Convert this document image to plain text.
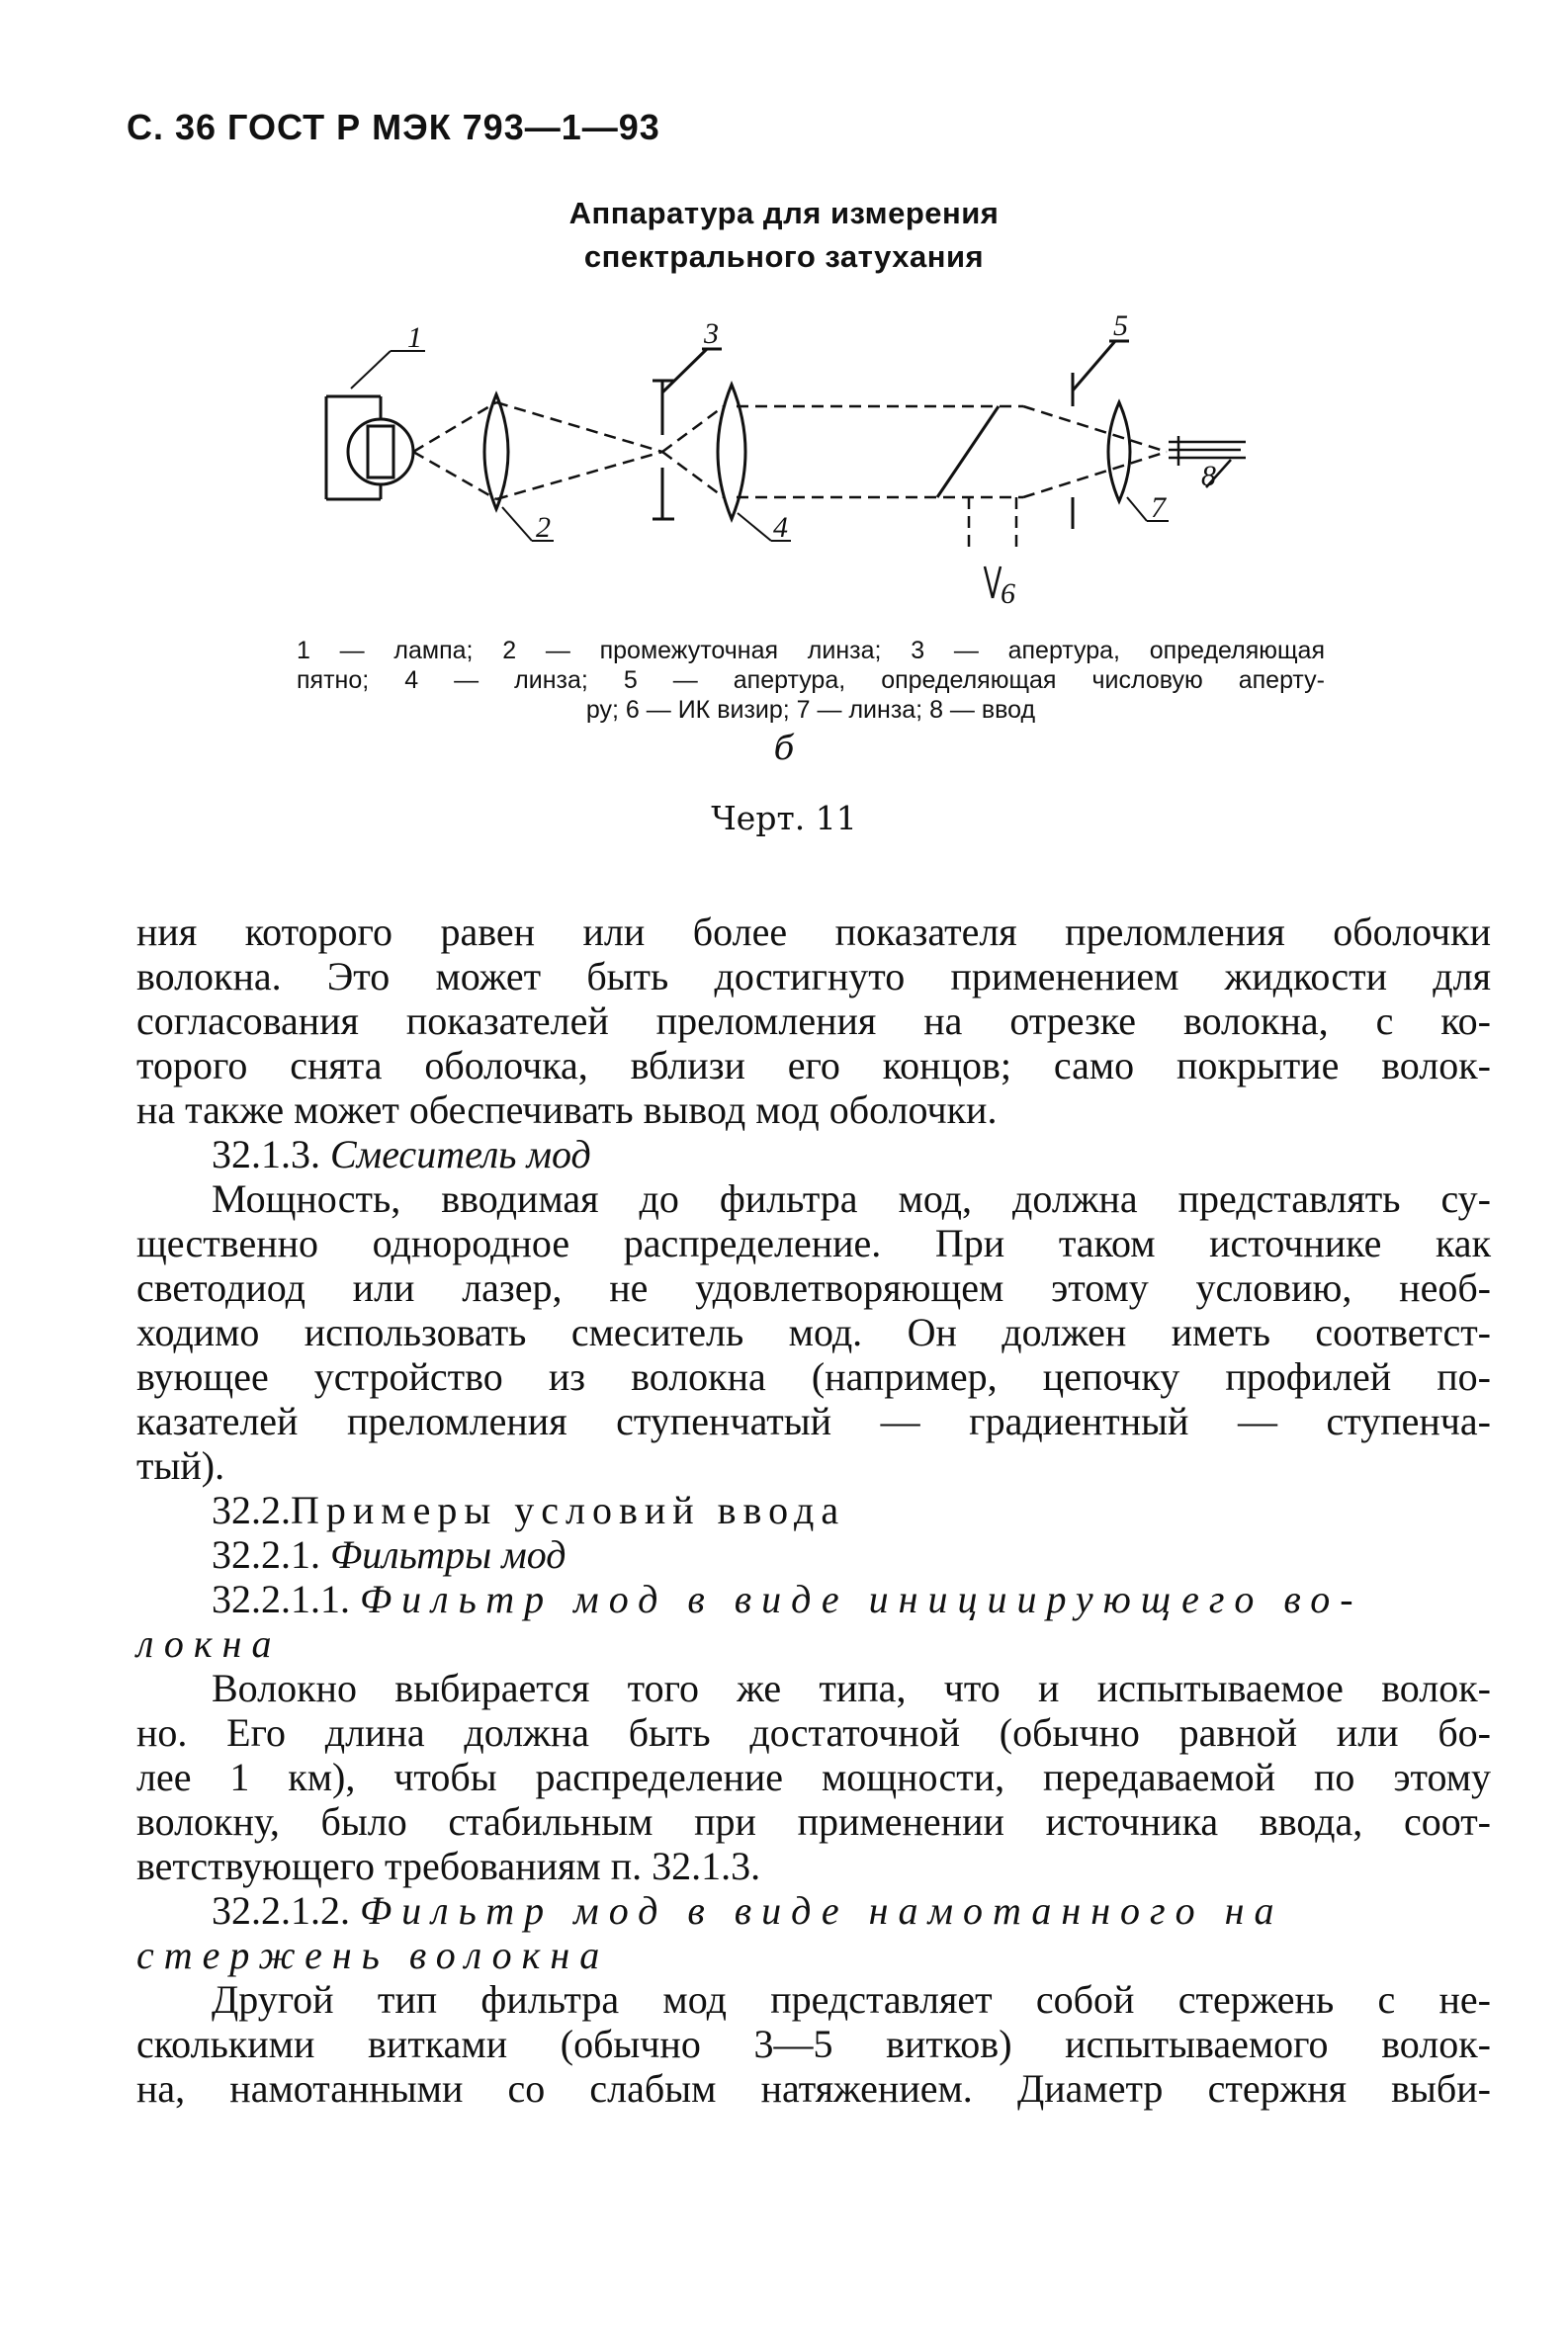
С. 36 ГОСТ Р МЭК 793—1—93
Аппаратура для измерения
спектрального затухания
1
2
3
4
5
6
7
8
1 — лампа; 2 — промежуточная линза; 3 — апертура, определяющая
пятно; 4 — линза; 5 — апертура, определяющая числовую аперту-
ру; 6 — ИК визир; 7 — линза; 8 — ввод
б
Черт. 11
ния которого равен или более показателя преломления оболочки
волокна. Это может быть достигнуто применением жидкости для
согласования показателей преломления на отрезке волокна, с ко-
торого снята оболочка, вблизи его концов; само покрытие волок-
на также может обеспечивать вывод мод оболочки.
32.1.3. Смеситель мод
Мощность, вводимая до фильтра мод, должна представлять су-
щественно однородное распределение. При таком источнике как
светодиод или лазер, не удовлетворяющем этому условию, необ-
ходимо использовать смеситель мод. Он должен иметь соответст-
вующее устройство из волокна (например, цепочку профилей по-
казателей преломления ступенчатый — градиентный — ступенча-
тый).
32.2.Примеры условий ввода
32.2.1. Фильтры мод
32.2.1.1. Фильтр мод в виде инициирующего во-
локна
Волокно выбирается того же типа, что и испытываемое волок-
но. Его длина должна быть достаточной (обычно равной или бо-
лее 1 км), чтобы распределение мощности, передаваемой по этому
волокну, было стабильным при применении источника ввода, соот-
ветствующего требованиям п. 32.1.3.
32.2.1.2. Фильтр мод в виде намотанного на
стержень волокна
Другой тип фильтра мод представляет собой стержень с не-
сколькими витками (обычно 3—5 витков) испытываемого волок-
на, намотанными со слабым натяжением. Диаметр стержня выби-
